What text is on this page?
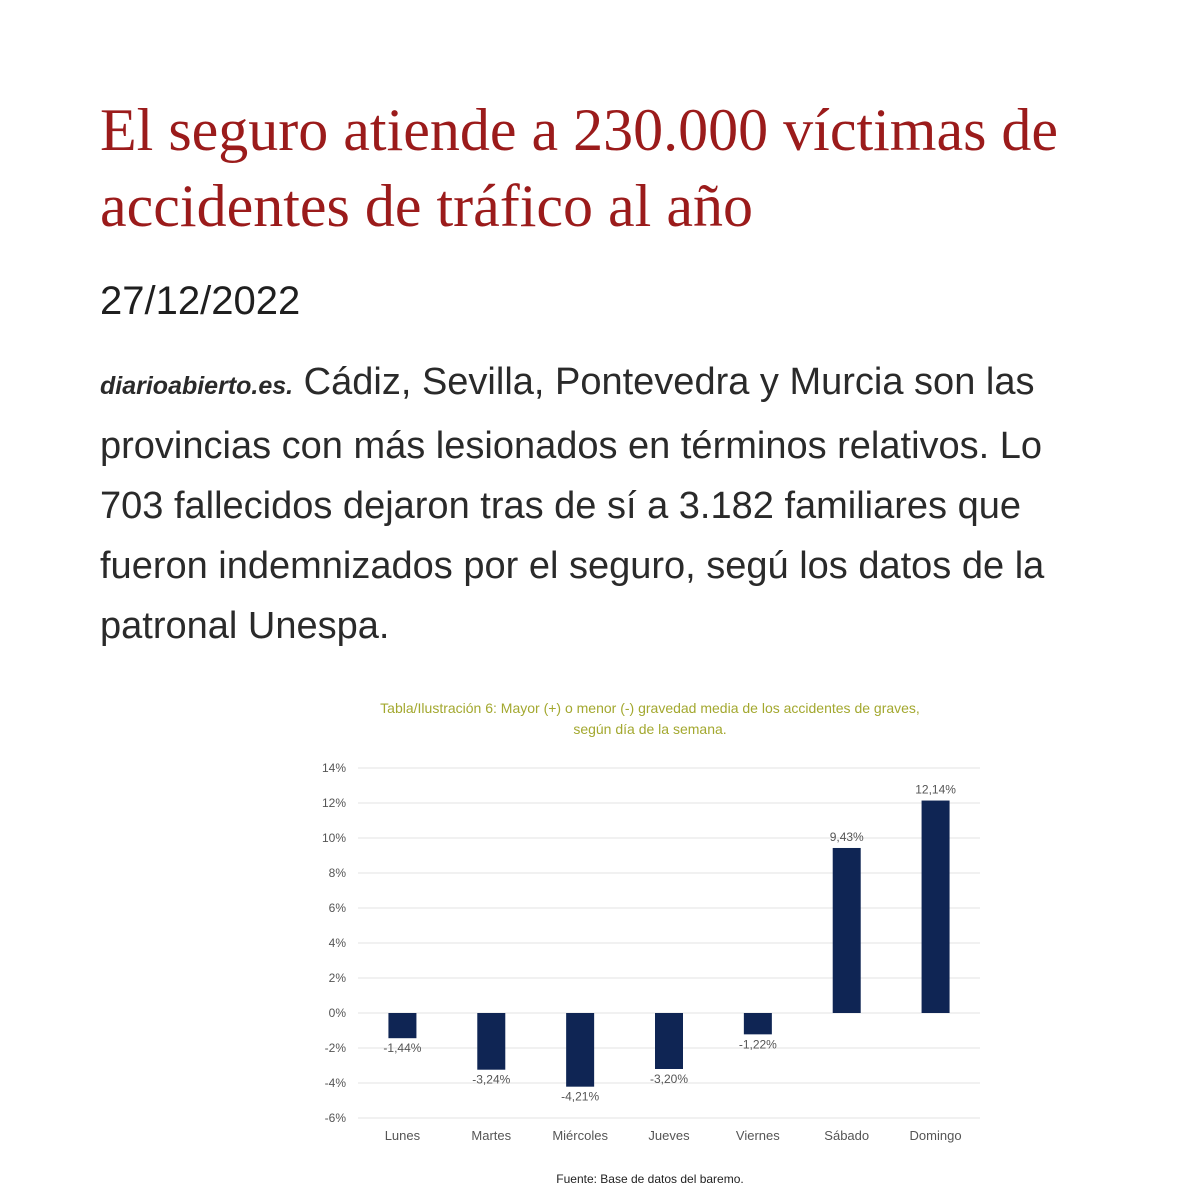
El seguro atiende a 230.000 víctimas de
accidentes de tráfico al año

27/12/2022

diarioabierto.es. Cádiz, Sevilla, Pontevedra y Murcia son las
provincias con más lesionados en términos relativos. Lo
703 fallecidos dejaron tras de sí a 3.182 familiares que
fueron indemnizados por el seguro, segú los datos de la
patronal Unespa.

Tabla/Ilustración 6: Mayor (+) o menor (-) gravedad media de los accidentes de graves,
según día de la semana.
14%
12%
10%
8%
6%
4%
2%
0%
-2%
-4%
-6%
-1,44%
Lunes
-3,24%
Martes
-4,21%
Miércoles
-3,20%
Jueves
-1,22%
Viernes
9,43%
Sábado
12,14%
Domingo
Fuente: Base de datos del baremo.
